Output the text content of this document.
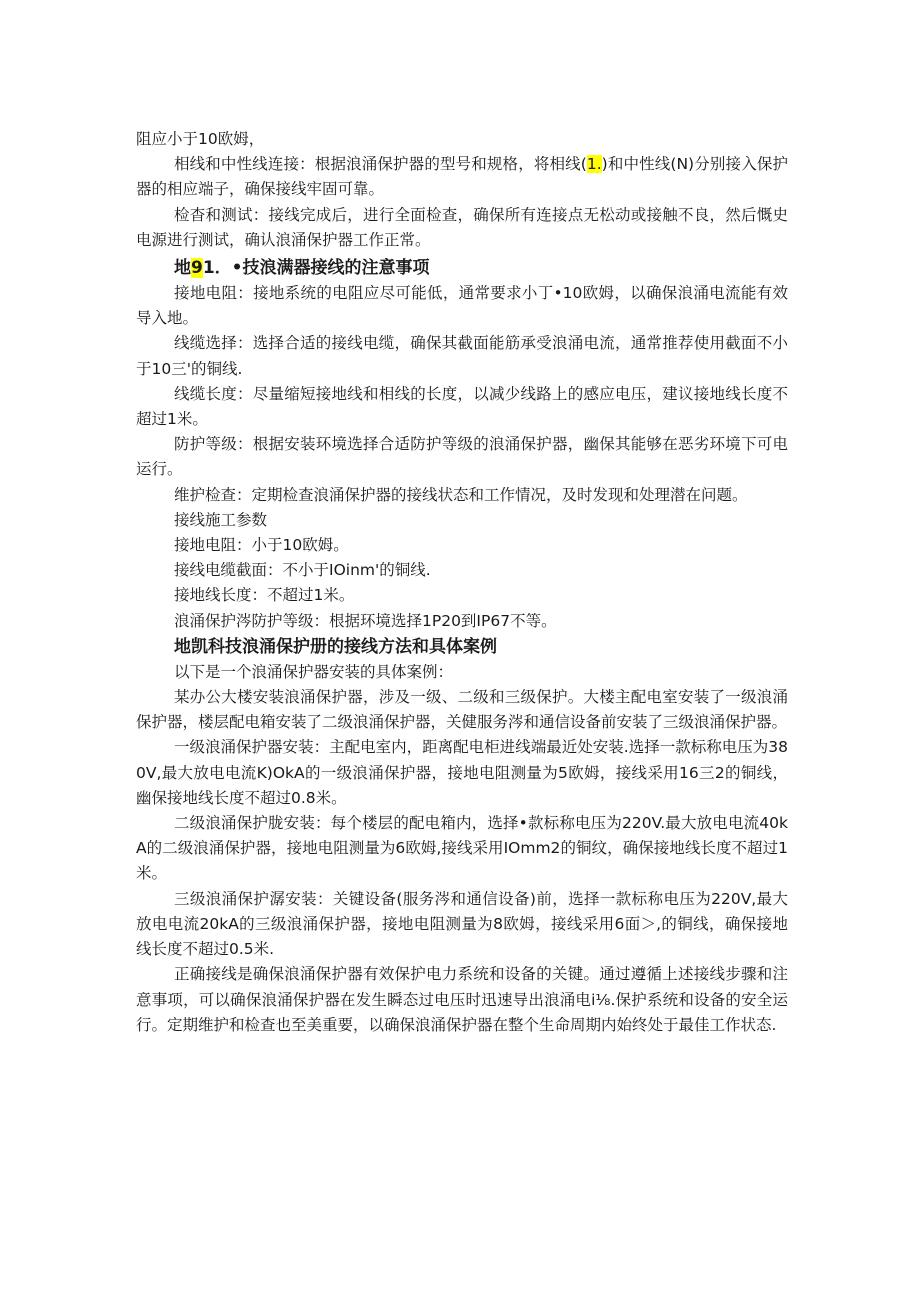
阻应小于10欧姆，

相线和中性线连接：根据浪涌保护器的型号和规格，将相线(1.)和中性线(N)分别接入保护器的相应端子，确保接线牢固可靠。

检杳和测试：接线完成后，进行全面检查，确保所有连接点无松动或接触不良，然后慨史电源进行测试，确认浪涌保护器工作正常。

地91．•技浪满器接线的注意事项

接地电阻：接地系统的电阻应尽可能低，通常要求小丁•10欧姆，以确保浪涌电流能有效导入地。

线缆选择：选择合适的接线电缆，确保其截面能筋承受浪涌电流，通常推荐使用截面不小于10三'的铜线.

线缆长度：尽量缩短接地线和相线的长度，以减少线路上的感应电压，建议接地线长度不超过1米。

防护等级：根据安装环境选择合适防护等级的浪涌保护器，幽保其能够在恶劣环境下可电运行。

维护检查：定期检查浪涌保护器的接线状态和工作情况，及时发现和处理潜在问题。

接线施工参数

接地电阻：小于10欧姆。

接线电缆截面：不小于IOinm'的铜线.

接地线长度：不超过1米。

浪涌保护涔防护等级：根据环境选择1P20到IP67不等。

地凯科技浪涌保护册的接线方法和具体案例

以下是一个浪涌保护器安装的具体案例：

某办公大楼安装浪涌保护器，涉及一级、二级和三级保护。大楼主配电室安装了一级浪涌保护器，楼层配电箱安装了二级浪涌保护器，关健服务涔和通信设备前安装了三级浪涌保护器。

一级浪涌保护器安装：主配电室内，距离配电柜进线端最近处安装.选择一款标称电压为380V,最大放电电流K)OkA的一级浪涌保护器，接地电阻测量为5欧姆，接线采用16三2的铜线，幽保接地线长度不超过0.8米。

二级浪涌保护胧安装：每个楼层的配电箱内，选择•款标称电压为220V.最大放电电流40kA的二级浪涌保护器，接地电阻测量为6欧姆,接线采用IOmm2的铜纹，确保接地线长度不超过1米。

三级浪涌保护潺安装：关键设备(服务涔和通信设备)前，选择一款标称电压为220V,最大放电电流20kA的三级浪涌保护器，接地电阻测量为8欧姆，接线采用6面＞,的铜线，确保接地线长度不超过0.5米.

正确接线是确保浪涌保护器有效保护电力系统和设备的关键。通过遵循上述接线步骤和注意事项，可以确保浪涌保护器在发生瞬态过电压时迅速导出浪涌电i⅛.保护系统和设备的安全运行。定期维护和检查也至美重要，以确保浪涌保护器在整个生命周期内始终处于最佳工作状态.
